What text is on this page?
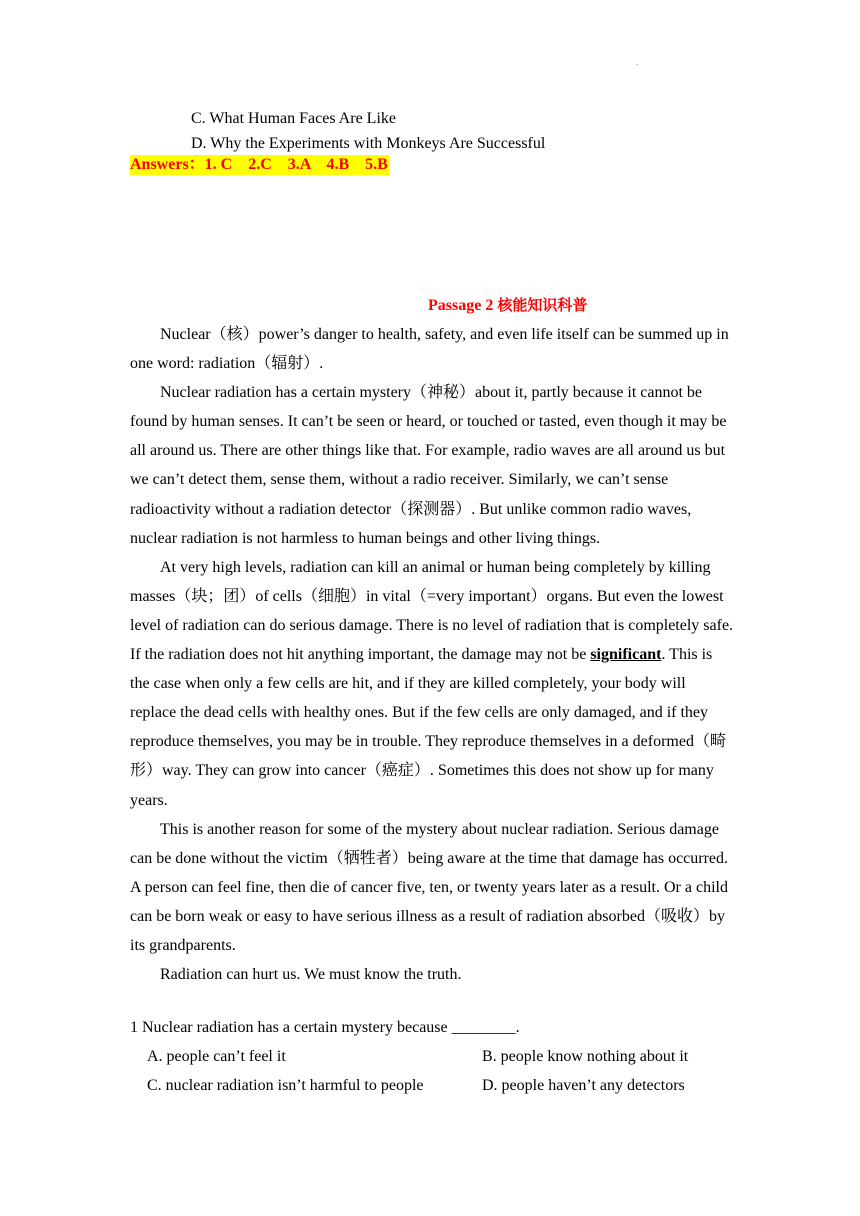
.
C. What Human Faces Are Like
D. Why the Experiments with Monkeys Are Successful
Answers：1. C    2.C    3.A    4.B    5.B
Passage 2 核能知识科普

Nuclear（核）power’s danger to health, safety, and even life itself can be summed up in one word: radiation（辐射）.

Nuclear radiation has a certain mystery（神秘）about it, partly because it cannot be found by human senses. It can’t be seen or heard, or touched or tasted, even though it may be all around us. There are other things like that. For example, radio waves are all around us but we can’t detect them, sense them, without a radio receiver. Similarly, we can’t sense radioactivity without a radiation detector（探测器）. But unlike common radio waves, nuclear radiation is not harmless to human beings and other living things.

At very high levels, radiation can kill an animal or human being completely by killing masses（块；团）of cells（细胞）in vital（=very important）organs. But even the lowest level of radiation can do serious damage. There is no level of radiation that is completely safe. If the radiation does not hit anything important, the damage may not be significant. This is the case when only a few cells are hit, and if they are killed completely, your body will replace the dead cells with healthy ones. But if the few cells are only damaged, and if they reproduce themselves, you may be in trouble. They reproduce themselves in a deformed（畸形）way. They can grow into cancer（癌症）. Sometimes this does not show up for many years.

This is another reason for some of the mystery about nuclear radiation. Serious damage can be done without the victim（牺牲者）being aware at the time that damage has occurred. A person can feel fine, then die of cancer five, ten, or twenty years later as a result. Or a child can be born weak or easy to have serious illness as a result of radiation absorbed（吸收）by its grandparents.

Radiation can hurt us. We must know the truth.

1 Nuclear radiation has a certain mystery because ________.
A. people can’t feel it	B. people know nothing about it
C. nuclear radiation isn’t harmful to people	D. people haven’t any detectors
